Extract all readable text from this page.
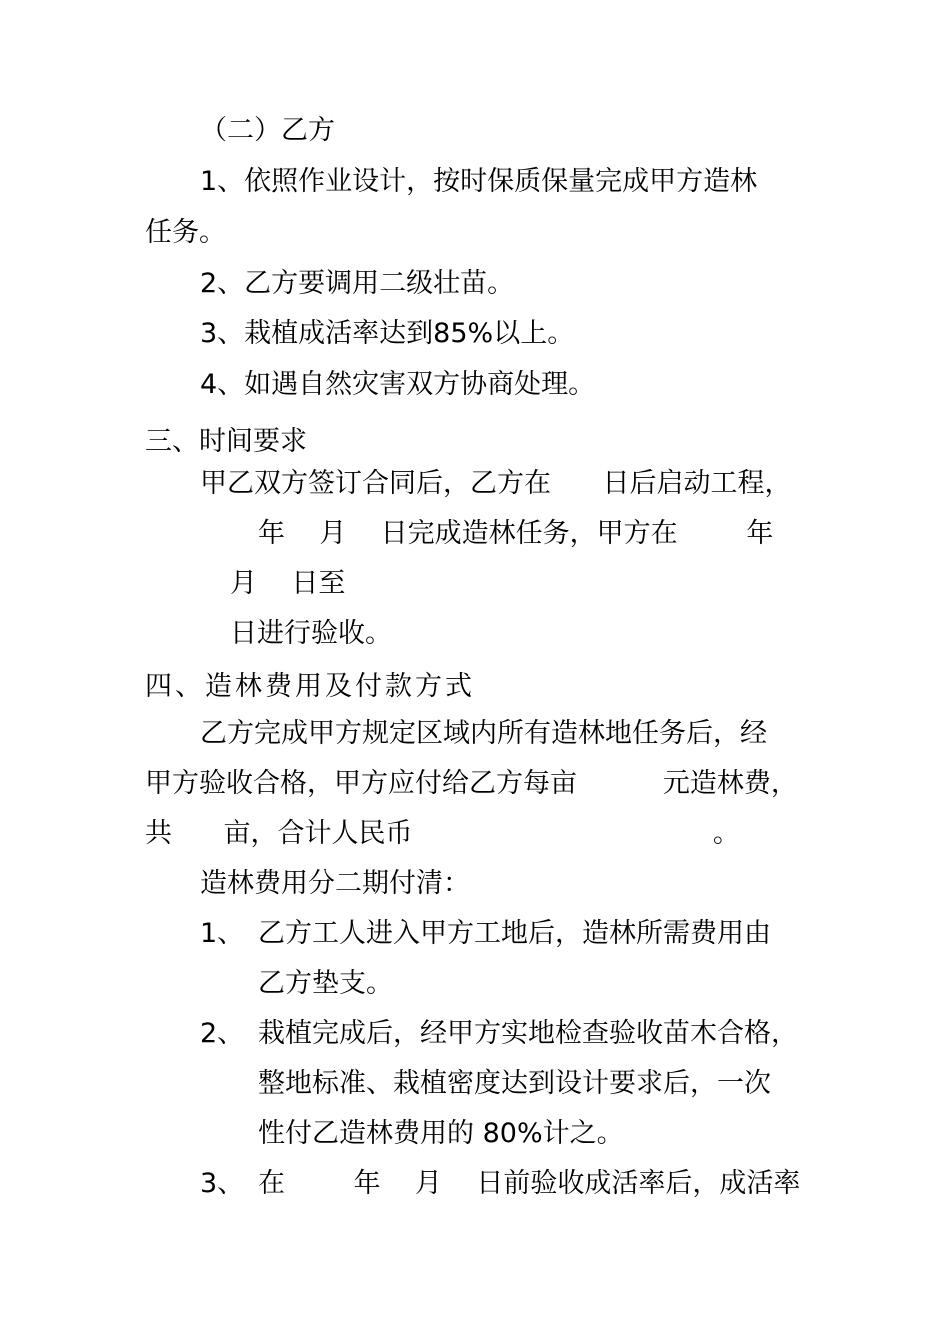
（二）乙方
1、依照作业设计，按时保质保量完成甲方造林
任务。
2、乙方要调用二级壮苗。
3、栽植成活率达到85%以上。
4、如遇自然灾害双方协商处理。
三、时间要求
甲乙双方签订合同后，乙方在      日后启动工程，
年    月    日完成造林任务，甲方在        年
月    日至
日进行验收。
四、造林费用及付款方式
乙方完成甲方规定区域内所有造林地任务后，经
甲方验收合格，甲方应付给乙方每亩          元造林费，
共      亩，合计人民币                                   。
造林费用分二期付清：
1、 乙方工人进入甲方工地后，造林所需费用由
乙方垫支。
2、 栽植完成后，经甲方实地检查验收苗木合格，
整地标准、栽植密度达到设计要求后，一次
性付乙造林费用的 80%计之。
3、 在        年    月    日前验收成活率后，成活率
